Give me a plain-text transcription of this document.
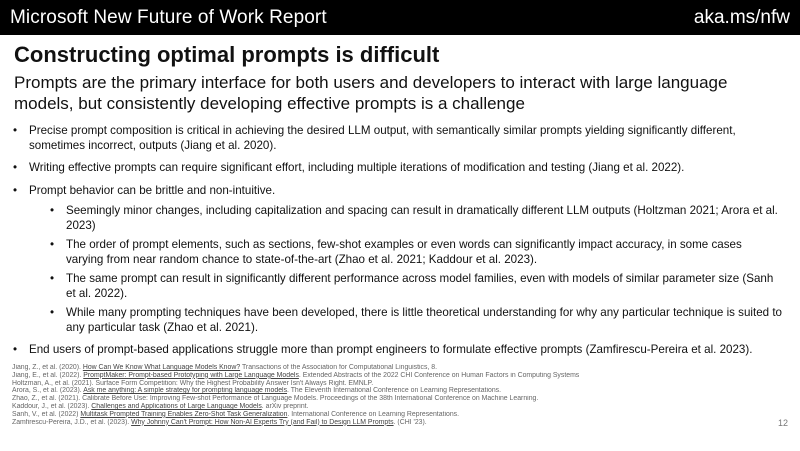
Microsoft New Future of Work Report	aka.ms/nfw
Constructing optimal prompts is difficult
Prompts are the primary interface for both users and developers to interact with large language models, but consistently developing effective prompts is a challenge
• Precise prompt composition is critical in achieving the desired LLM output, with semantically similar prompts yielding significantly different, sometimes incorrect, outputs (Jiang et al. 2020).
• Writing effective prompts can require significant effort, including multiple iterations of modification and testing (Jiang et al. 2022).
• Prompt behavior can be brittle and non-intuitive.
• Seemingly minor changes, including capitalization and spacing can result in dramatically different LLM outputs (Holtzman 2021; Arora et al. 2023)
• The order of prompt elements, such as sections, few-shot examples or even words can significantly impact accuracy, in some cases varying from near random chance to state-of-the-art (Zhao et al. 2021; Kaddour et al. 2023).
• The same prompt can result in significantly different performance across model families, even with models of similar parameter size (Sanh et al. 2022).
• While many prompting techniques have been developed, there is little theoretical understanding for why any particular technique is suited to any particular task (Zhao et al. 2021).
• End users of prompt-based applications struggle more than prompt engineers to formulate effective prompts (Zamfirescu-Pereira et al. 2023).
Jiang, Z., et al. (2020). How Can We Know What Language Models Know? Transactions of the Association for Computational Linguistics, 8.
Jiang, E., et al. (2022). PromptMaker: Prompt-based Prototyping with Large Language Models. Extended Abstracts of the 2022 CHI Conference on Human Factors in Computing Systems
Holtzman, A., et al. (2021). Surface Form Competition: Why the Highest Probability Answer Isn't Always Right. EMNLP.
Arora, S., et al. (2023). Ask me anything: A simple strategy for prompting language models. The Eleventh International Conference on Learning Representations.
Zhao, Z., et al. (2021). Calibrate Before Use: Improving Few-shot Performance of Language Models. Proceedings of the 38th International Conference on Machine Learning.
Kaddour, J., et al. (2023). Challenges and Applications of Large Language Models. arXiv preprint.
Sanh, V., et al. (2022) Multitask Prompted Training Enables Zero-Shot Task Generalization. International Conference on Learning Representations.
Zamfirescu-Pereira, J.D., et al. (2023). Why Johnny Can't Prompt: How Non-AI Experts Try (and Fail) to Design LLM Prompts. (CHI '23).	12
